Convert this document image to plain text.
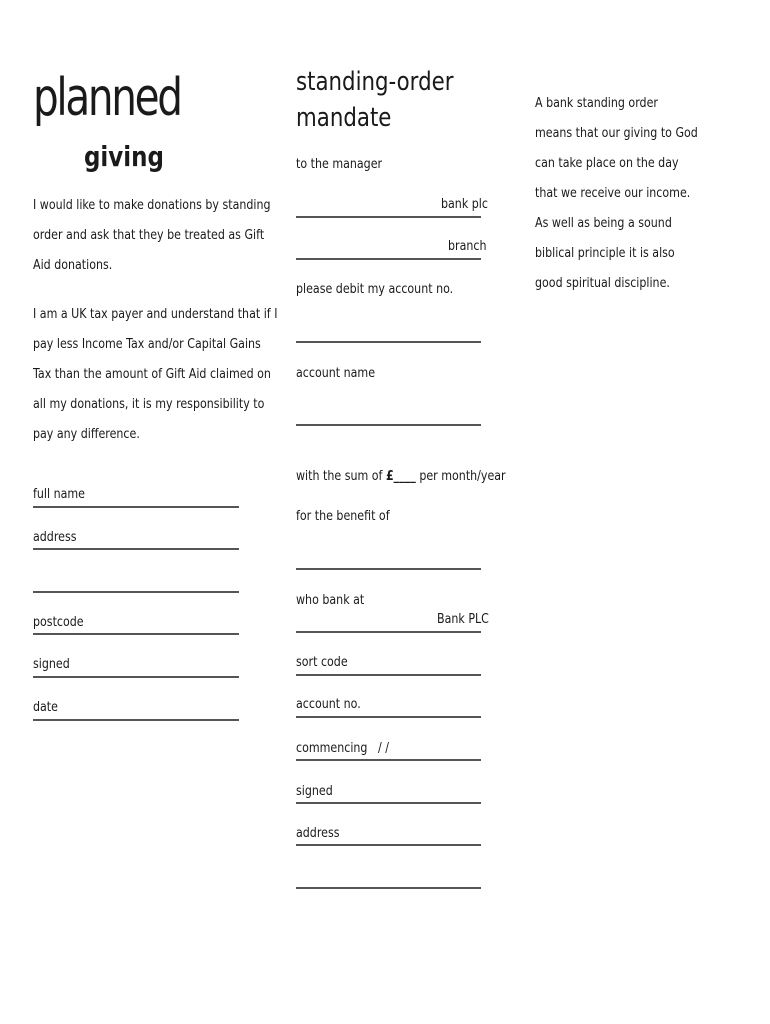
planned
giving
I would like to make donations by standing
order and ask that they be treated as Gift
Aid donations.
I am a UK tax payer and understand that if I
pay less Income Tax and/or Capital Gains
Tax than the amount of Gift Aid claimed on
all my donations, it is my responsibility to
pay any difference.
full name
address
postcode
signed
date
standing-order
mandate
to the manager
bank plc
branch
please debit my account no.
account name
with the sum of £____ per month/year
for the benefit of
who bank at
Bank PLC
sort code
account no.
commencing / /
signed
address
A bank standing order
means that our giving to God
can take place on the day
that we receive our income.
As well as being a sound
biblical principle it is also
good spiritual discipline.
